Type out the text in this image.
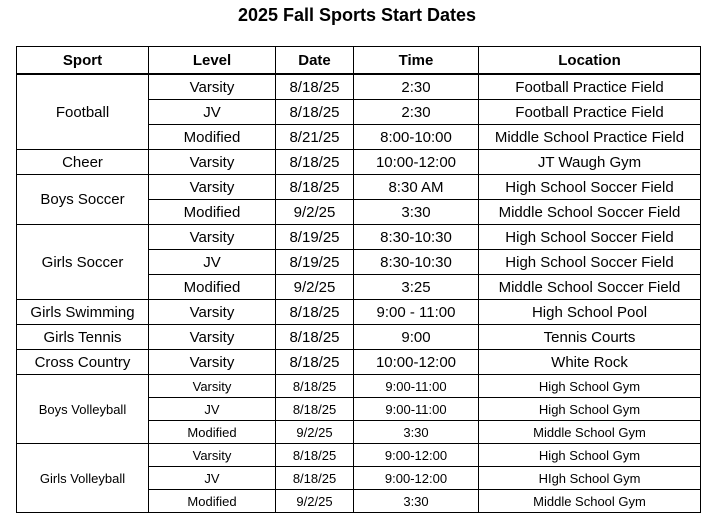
2025 Fall Sports Start Dates
Sport	Level	Date	Time	Location
Football	Varsity	8/18/25	2:30	Football Practice Field
	JV	8/18/25	2:30	Football Practice Field
	Modified	8/21/25	8:00-10:00	Middle School Practice Field
Cheer	Varsity	8/18/25	10:00-12:00	JT Waugh Gym
Boys Soccer	Varsity	8/18/25	8:30 AM	High School Soccer Field
	Modified	9/2/25	3:30	Middle School Soccer Field
Girls Soccer	Varsity	8/19/25	8:30-10:30	High School Soccer Field
	JV	8/19/25	8:30-10:30	High School Soccer Field
	Modified	9/2/25	3:25	Middle School Soccer Field
Girls Swimming	Varsity	8/18/25	9:00 - 11:00	High School Pool
Girls Tennis	Varsity	8/18/25	9:00	Tennis Courts
Cross Country	Varsity	8/18/25	10:00-12:00	White Rock
Boys Volleyball	Varsity	8/18/25	9:00-11:00	High School Gym
	JV	8/18/25	9:00-11:00	High School Gym
	Modified	9/2/25	3:30	Middle School Gym
Girls Volleyball	Varsity	8/18/25	9:00-12:00	High School Gym
	JV	8/18/25	9:00-12:00	HIgh School Gym
	Modified	9/2/25	3:30	Middle School Gym
